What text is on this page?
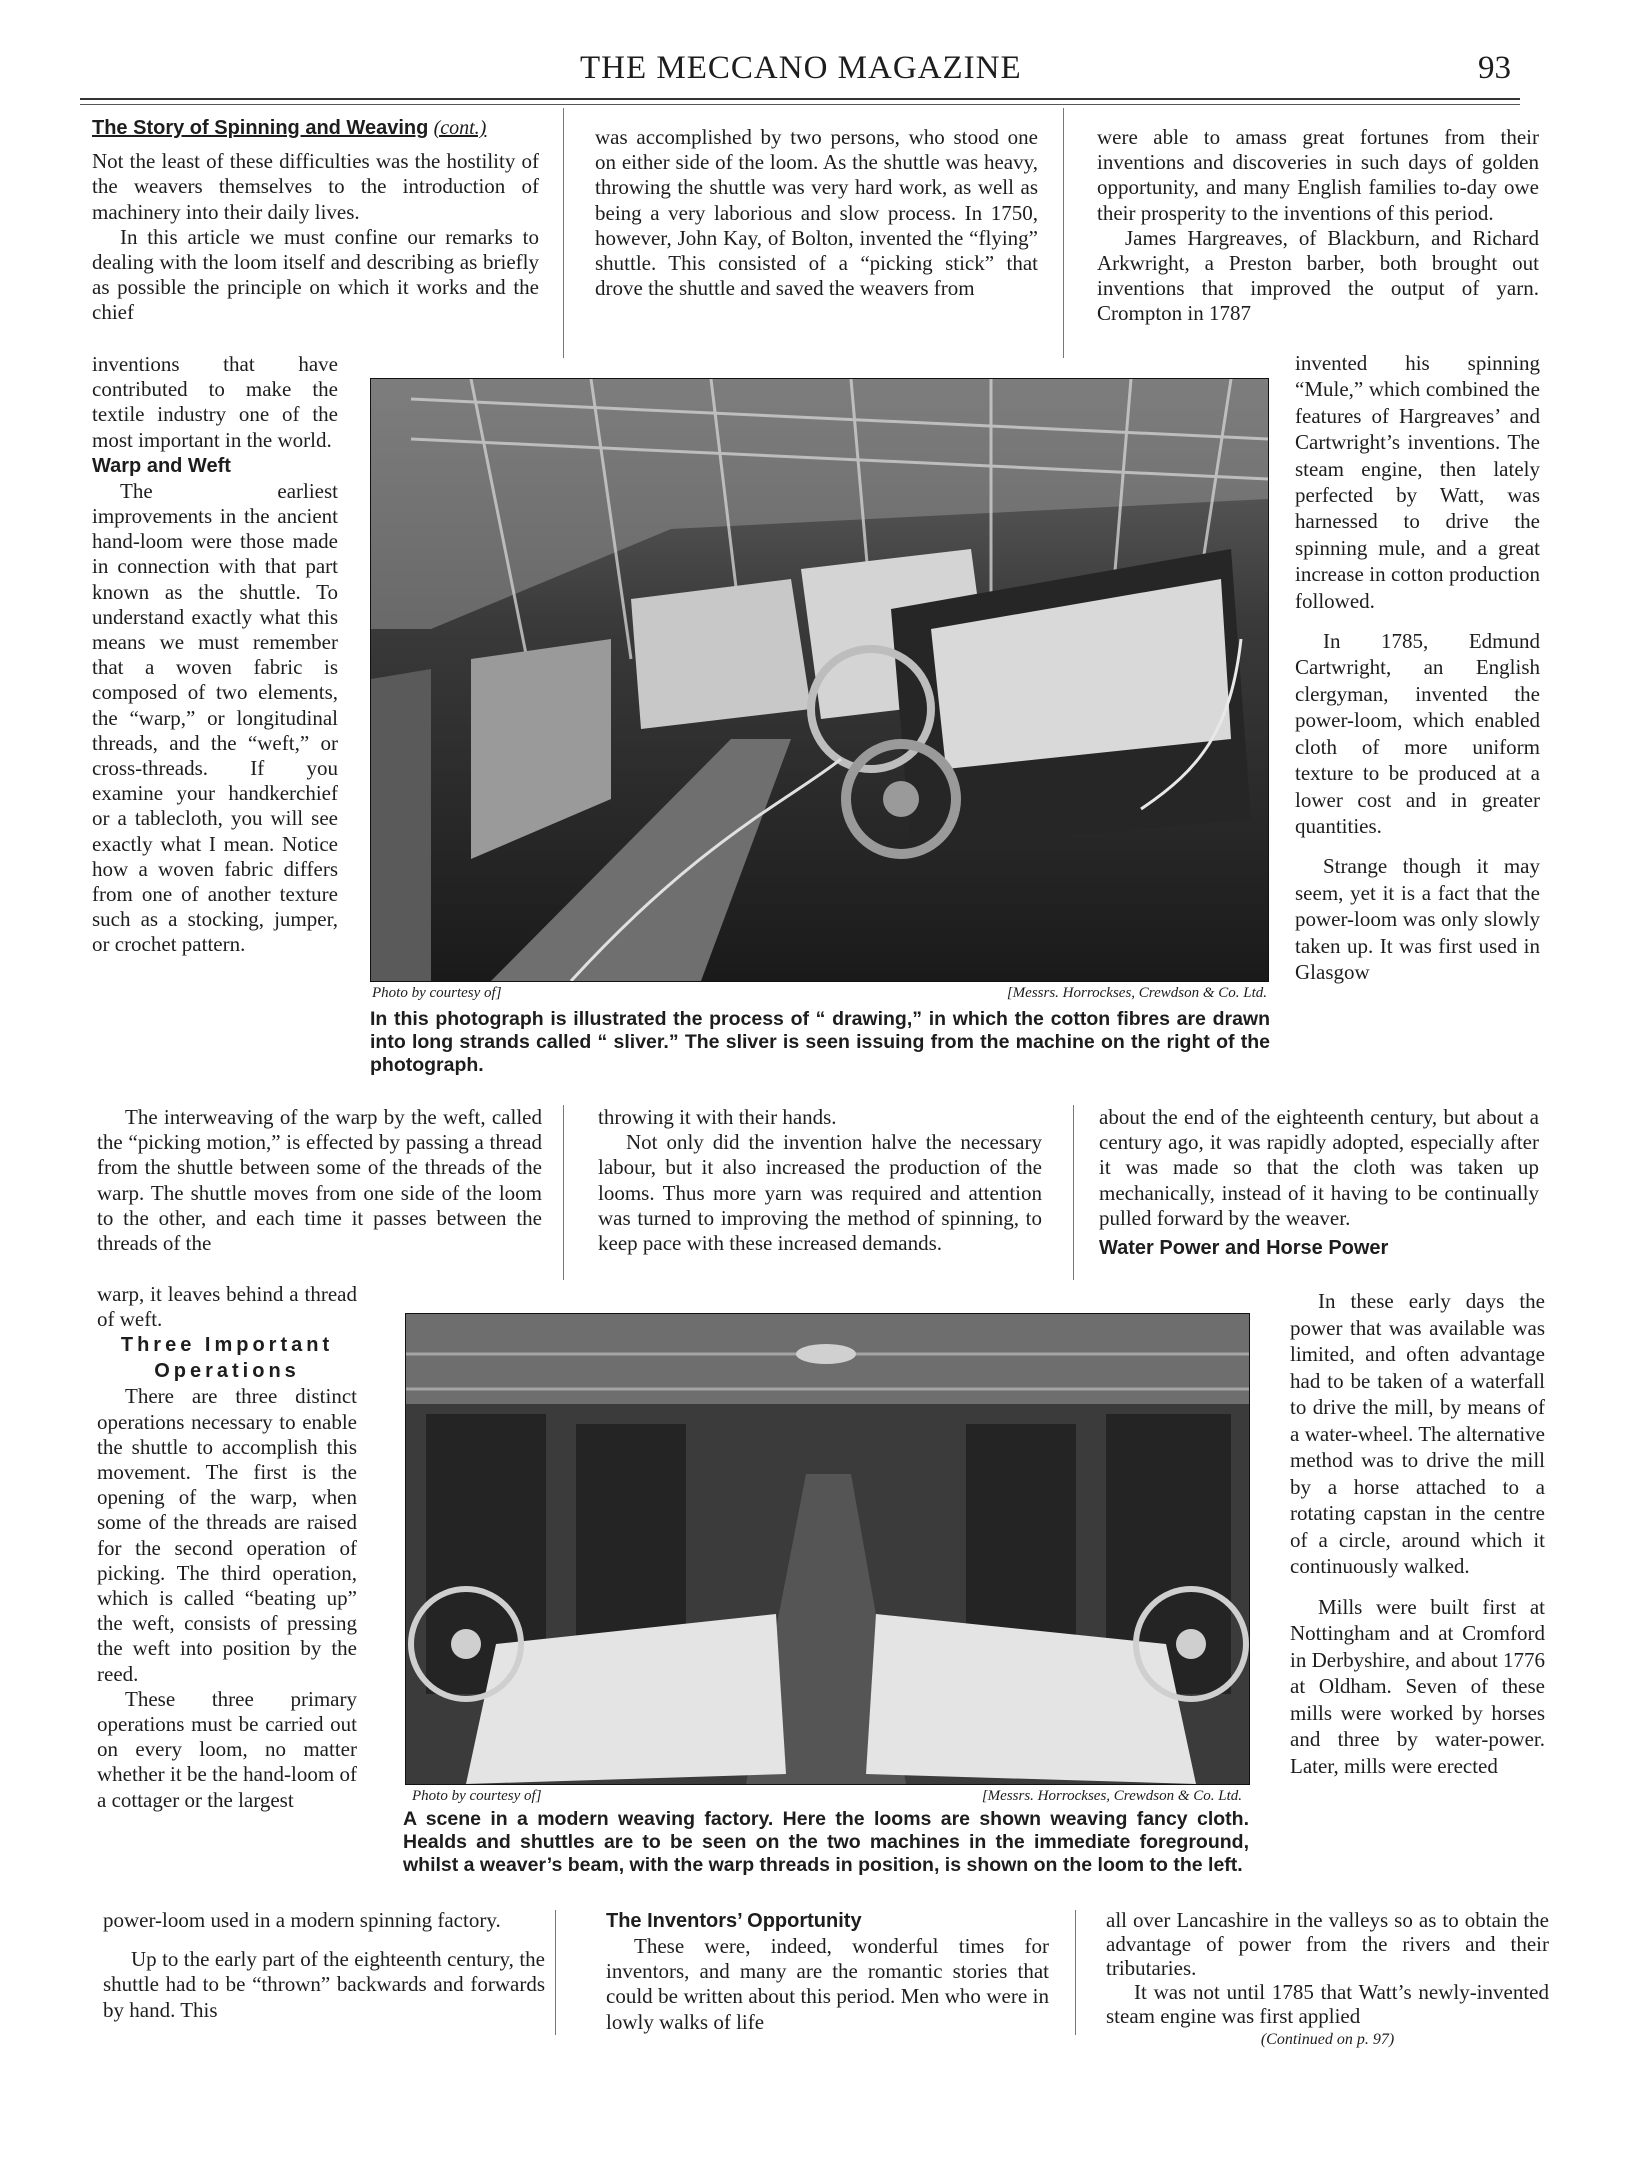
THE MECCANO MAGAZINE	93

The Story of Spinning and Weaving (cont.)

Not the least of these difficulties was the hostility of the weavers themselves to the introduction of machinery into their daily lives.

In this article we must confine our remarks to dealing with the loom itself and describing as briefly as possible the principle on which it works and the chief

inventions that have contributed to make the textile industry one of the most important in the world.

Warp and Weft

The earliest improvements in the ancient hand-loom were those made in connection with that part known as the shuttle. To understand exactly what this means we must remember that a woven fabric is composed of two elements, the “warp,” or longitudinal threads, and the “weft,” or cross-threads. If you examine your handkerchief or a tablecloth, you will see exactly what I mean. Notice how a woven fabric differs from one of another texture such as a stocking, jumper, or crochet pattern.

The interweaving of the warp by the weft, called the “picking motion,” is effected by passing a thread from the shuttle between some of the threads of the warp. The shuttle moves from one side of the loom to the other, and each time it passes between the threads of the

warp, it leaves behind a thread of weft.

Three Important Operations

There are three distinct operations necessary to enable the shuttle to accomplish this movement. The first is the opening of the warp, when some of the threads are raised for the second operation of picking. The third operation, which is called “beating up” the weft, consists of pressing the weft into position by the reed.

These three primary operations must be carried out on every loom, no matter whether it be the hand-loom of a cottager or the largest

power-loom used in a modern spinning factory.

Up to the early part of the eighteenth century, the shuttle had to be “thrown” backwards and forwards by hand. This

was accomplished by two persons, who stood one on either side of the loom. As the shuttle was heavy, throwing the shuttle was very hard work, as well as being a very laborious and slow process. In 1750, however, John Kay, of Bolton, invented the “flying” shuttle. This consisted of a “picking stick” that drove the shuttle and saved the weavers from

throwing it with their hands.

Not only did the invention halve the necessary labour, but it also increased the production of the looms. Thus more yarn was required and attention was turned to improving the method of spinning, to keep pace with these increased demands.

The Inventors’ Opportunity

These were, indeed, wonderful times for inventors, and many are the romantic stories that could be written about this period. Men who were in lowly walks of life

were able to amass great fortunes from their inventions and discoveries in such days of golden opportunity, and many English families to-day owe their prosperity to the inventions of this period.

James Hargreaves, of Blackburn, and Richard Arkwright, a Preston barber, both brought out inventions that improved the output of yarn. Crompton in 1787

invented his spinning “Mule,” which combined the features of Hargreaves’ and Cartwright’s inventions. The steam engine, then lately perfected by Watt, was harnessed to drive the spinning mule, and a great increase in cotton production followed.

In 1785, Edmund Cartwright, an English clergyman, invented the power-loom, which enabled cloth of more uniform texture to be produced at a lower cost and in greater quantities.

Strange though it may seem, yet it is a fact that the power-loom was only slowly taken up. It was first used in Glasgow

about the end of the eighteenth century, but about a century ago, it was rapidly adopted, especially after it was made so that the cloth was taken up mechanically, instead of it having to be continually pulled forward by the weaver.

Water Power and Horse Power

In these early days the power that was available was limited, and often advantage had to be taken of a waterfall to drive the mill, by means of a water-wheel. The alternative method was to drive the mill by a horse attached to a rotating capstan in the centre of a circle, around which it continuously walked.

Mills were built first at Nottingham and at Cromford in Derbyshire, and about 1776 at Oldham. Seven of these mills were worked by horses and three by water-power. Later, mills were erected

all over Lancashire in the valleys so as to obtain the advantage of power from the rivers and their tributaries.

It was not until 1785 that Watt’s newly-invented steam engine was first applied

(Continued on p. 97)

Photo by courtesy of]	[Messrs. Horrockses, Crewdson & Co. Ltd.
In this photograph is illustrated the process of “ drawing,” in which the cotton fibres are drawn into long strands called “ sliver.” The sliver is seen issuing from the machine on the right of the photograph.
Photo by courtesy of]	[Messrs. Horrockses, Crewdson & Co. Ltd.
A scene in a modern weaving factory. Here the looms are shown weaving fancy cloth. Healds and shuttles are to be seen on the two machines in the immediate foreground, whilst a weaver’s beam, with the warp threads in position, is shown on the loom to the left.
